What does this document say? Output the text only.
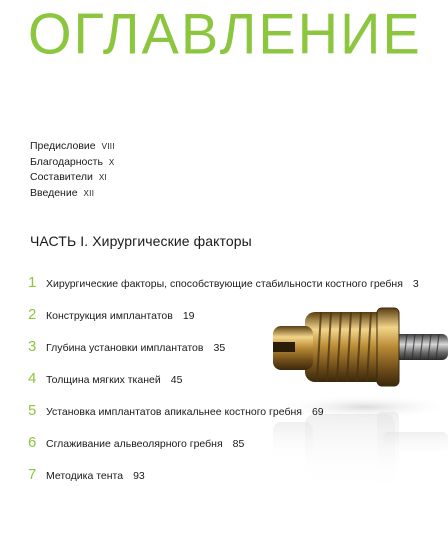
ОГЛАВЛЕНИЕ
Предисловие VIII
Благодарность X
Составители XI
Введение XII
ЧАСТЬ I. Хирургические факторы
1 Хирургические факторы, способствующие стабильности костного гребня 3
2 Конструкция имплантатов 19
3 Глубина установки имплантатов 35
4 Толщина мягких тканей 45
5 Установка имплантатов апикальнее костного гребня 69
6 Сглаживание альвеолярного гребня 85
7 Методика тента 93
